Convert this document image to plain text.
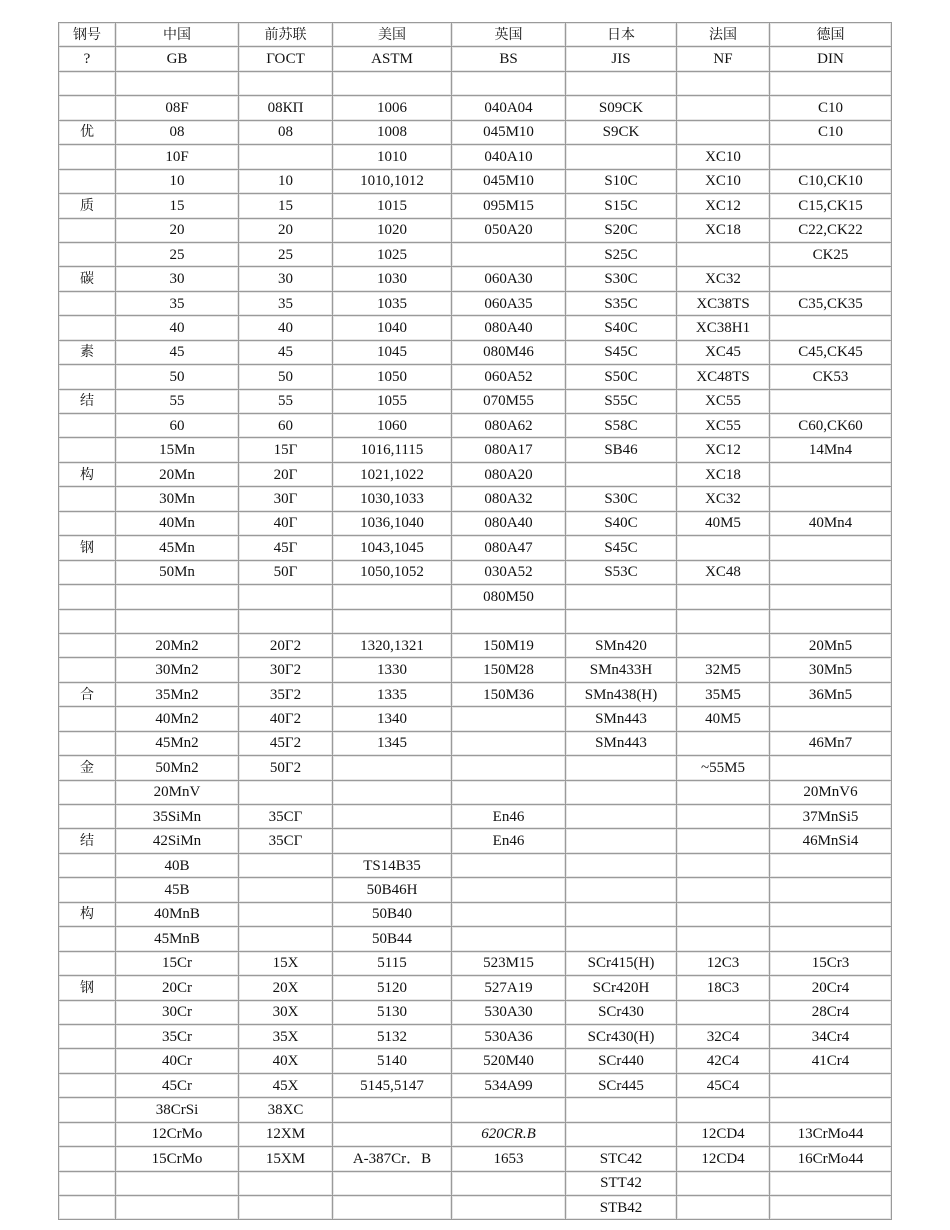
钢号	中国	前苏联	美国	英国	日本	法国	德国
?	GB	ГОСТ	ASTM	BS	JIS	NF	DIN

	08F	08КП	1006	040A04	S09CK		C10
优	08	08	1008	045M10	S9CK		C10
	10F		1010	040A10		XC10	
	10	10	1010,1012	045M10	S10C	XC10	C10,CK10
质	15	15	1015	095M15	S15C	XC12	C15,CK15
	20	20	1020	050A20	S20C	XC18	C22,CK22
	25	25	1025		S25C		CK25
碳	30	30	1030	060A30	S30C	XC32	
	35	35	1035	060A35	S35C	XC38TS	C35,CK35
	40	40	1040	080A40	S40C	XC38H1	
素	45	45	1045	080M46	S45C	XC45	C45,CK45
	50	50	1050	060A52	S50C	XC48TS	CK53
结	55	55	1055	070M55	S55C	XC55	
	60	60	1060	080A62	S58C	XC55	C60,CK60
	15Mn	15Г	1016,1115	080A17	SB46	XC12	14Mn4
构	20Mn	20Г	1021,1022	080A20		XC18	
	30Mn	30Г	1030,1033	080A32	S30C	XC32	
	40Mn	40Г	1036,1040	080A40	S40C	40M5	40Mn4
钢	45Mn	45Г	1043,1045	080A47	S45C		
	50Mn	50Г	1050,1052	030A52	S53C	XC48	
				080M50			

	20Mn2	20Г2	1320,1321	150M19	SMn420		20Mn5
	30Mn2	30Г2	1330	150M28	SMn433H	32M5	30Mn5
合	35Mn2	35Г2	1335	150M36	SMn438(H)	35M5	36Mn5
	40Mn2	40Г2	1340		SMn443	40M5	
	45Mn2	45Г2	1345		SMn443		46Mn7
金	50Mn2	50Г2				~55M5	
	20MnV						20MnV6
	35SiMn	35СГ		En46			37MnSi5
结	42SiMn	35СГ		En46			46MnSi4
	40B		TS14B35				
	45B		50B46H				
构	40MnB		50B40				
	45MnB		50B44				
	15Cr	15X	5115	523M15	SCr415(H)	12C3	15Cr3
钢	20Cr	20X	5120	527A19	SCr420H	18C3	20Cr4
	30Cr	30X	5130	530A30	SCr430		28Cr4
	35Cr	35X	5132	530A36	SCr430(H)	32C4	34Cr4
	40Cr	40X	5140	520M40	SCr440	42C4	41Cr4
	45Cr	45X	5145,5147	534A99	SCr445	45C4	
	38CrSi	38XC					
	12CrMo	12XM		620CR.B		12CD4	13CrMo44
	15CrMo	15XM	A-387Cr．B	1653	STC42	12CD4	16CrMo44
					STT42		
					STB42		
